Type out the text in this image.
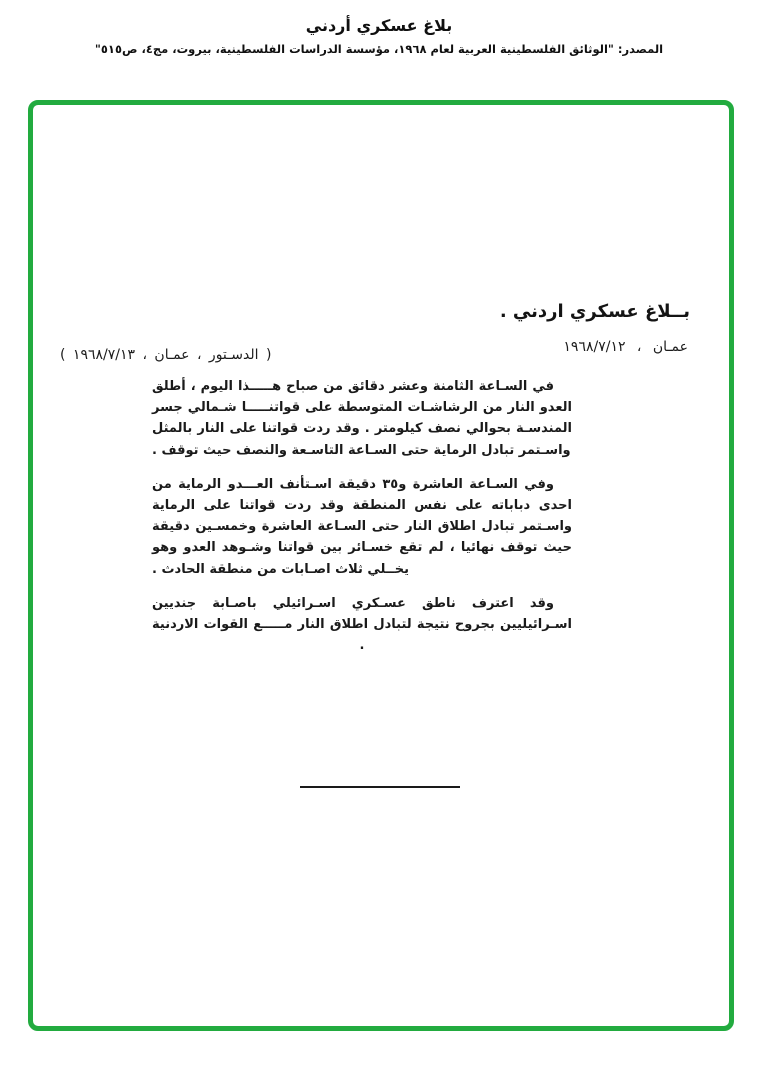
بلاغ عسكري أردني
المصدر: "الوثائق الفلسطينية العربية لعام ١٩٦٨، مؤسسة الدراسات الفلسطينية، بيروت، مج٤، ص٥١٥"
بــلاغ عسكري اردني .
عمـان ، ١٩٦٨/٧/١٢
( الدسـتور ، عمـان ، ١٩٦٨/٧/١٣ )

في السـاعة الثامنة وعشر دقائق من صباح هـــــذا اليوم ، أطلق العدو النار من الرشاشـات المتوسطة على قواتنـــــا شـمالي جسر المندسـة بحوالي نصف كيلومتر . وقد ردت قواتنا على النار بالمثل واسـتمر تبادل الرماية حتى السـاعة التاسـعة والنصف حيث توقف .

وفي السـاعة العاشرة و٣٥ دقيقة اسـتأنف العـــدو الرماية من احدى دباباته على نفس المنطقة وقد ردت قواتنا على الرماية واسـتمر تبادل اطلاق النار حتى السـاعة العاشرة وخمسـين دقيقة حيث توقف نهائيا ، لم تقع خسـائر بين قواتنا وشـوهد العدو وهو يخــلي ثلاث اصـابات من منطقة الحادث .

وقد اعترف ناطق عسـكري اسـرائيلي باصـابة جنديين اسـرائيليين بجروح نتيجة لتبادل اطلاق النار مـــــع القوات الاردنية .
